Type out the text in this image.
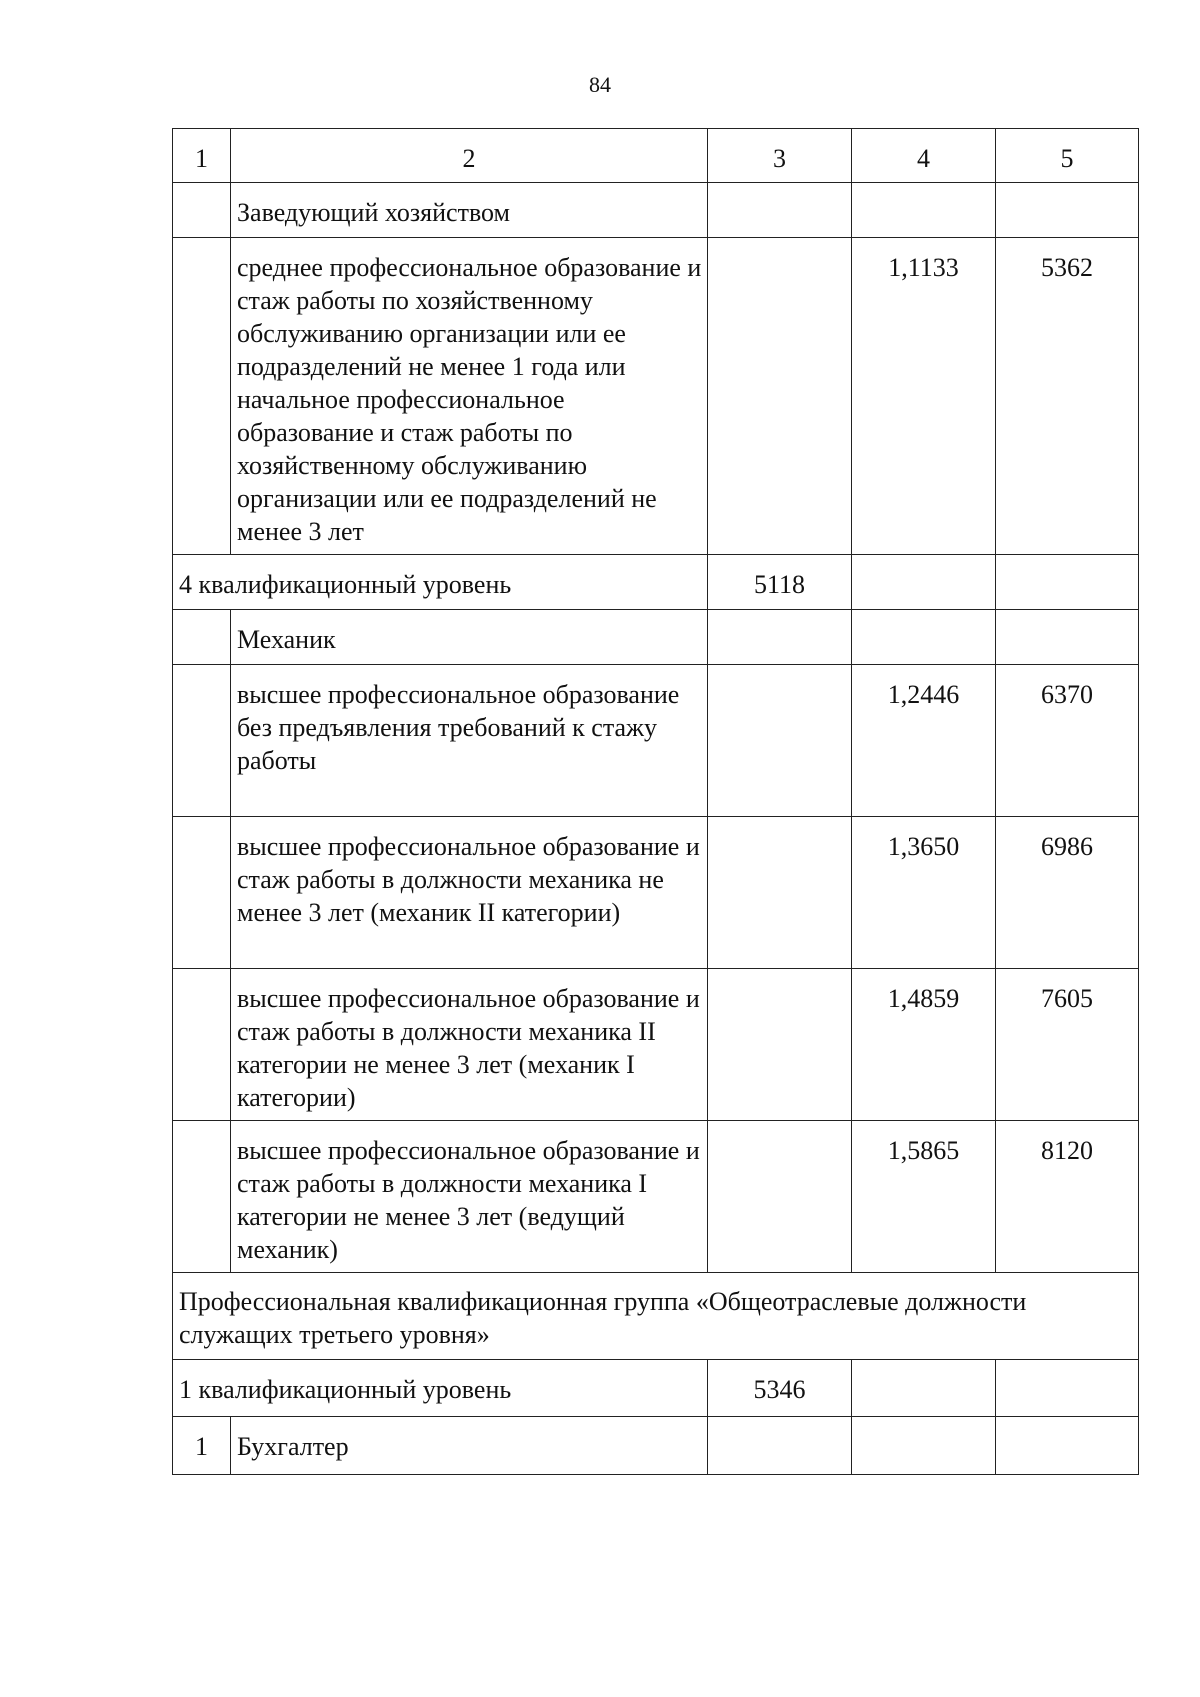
84
1	2	3	4	5

	Заведующий хозяйством			

	среднее профессиональное образование и стаж работы по хозяйственному обслуживанию организации или ее подразделений не менее 1 года или начальное профессиональное образование и стаж работы по хозяйственному обслуживанию организации или ее подразделений не менее 3 лет		1,1133	5362

4 квалификационный уровень		5118		

	Механик			

	высшее профессиональное образование без предъявления требований к стажу работы		1,2446	6370

	высшее профессиональное образование и стаж работы в должности механика не менее 3 лет (механик II категории)		1,3650	6986

	высшее профессиональное образование и стаж работы в должности механика II категории не менее 3 лет (механик I категории)		1,4859	7605

	высшее профессиональное образование и стаж работы в должности механика I категории не менее 3 лет (ведущий механик)		1,5865	8120

Профессиональная квалификационная группа «Общеотраслевые должности служащих третьего уровня»				

1 квалификационный уровень		5346		

1	Бухгалтер			
